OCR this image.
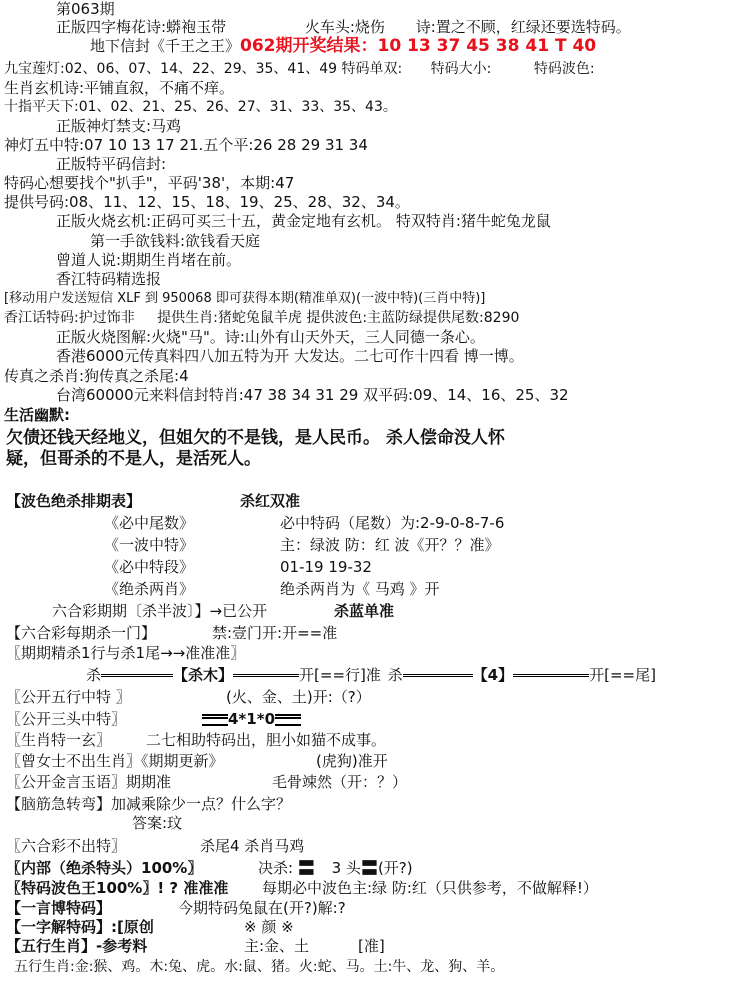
第063期
正版四字梅花诗:蟒袍玉带	火车头:烧伤 诗:置之不顾，红绿还要选特码。
地下信封《千王之王》062期开奖结果：10 13 37 45 38 41 T 40
九宝莲灯:02、06、07、14、22、29、35、41、49 特码单双: 特码大小:	特码波色:
生肖玄机诗:平铺直叙，不痛不痒。
十指平天下:01、02、21、25、26、27、31、33、35、43。
正版神灯禁支:马鸡
神灯五中特:07 10 13 17 21.五个平:26 28 29 31 34
正版特平码信封:
特码心想要找个"扒手"，平码'38'，本期:47
提供号码:08、11、12、15、18、19、25、28、32、34。
正版火烧玄机:正码可买三十五，黄金定地有玄机。 特双特肖:猪牛蛇兔龙鼠
第一手欲钱料:欲钱看天庭
曾道人说:期期生肖堵在前。
香江特码精选报
[移动用户发送短信 XLF 到 950068 即可获得本期(精准单双)(一波中特)(三肖中特)]
香江话特码:护过饰非 提供生肖:猪蛇兔鼠羊虎 提供波色:主蓝防绿提供尾数:8290
正版火烧图解:火烧"马"。诗:山外有山天外天，三人同德一条心。
香港6000元传真料四八加五特为开 大发达。二七可作十四看 博一博。
传真之杀肖:狗传真之杀尾:4
台湾60000元来料信封特肖:47 38 34 31 29 双平码:09、14、16、25、32
生活幽默:
欠债还钱天经地义，但姐欠的不是钱，是人民币。 杀人偿命没人怀
疑，但哥杀的不是人，是活死人。
【波色绝杀排期表】	杀红双准
《必中尾数》	必中特码（尾数）为:2-9-0-8-7-6
《一波中特》	主：绿波 防：红 波《开？？准》
《必中特段》	01-19 19-32
《绝杀两肖》	绝杀两肖为《 马鸡 》开
六合彩期期〔杀半波〕】→已公开	杀蓝单准
【六合彩每期杀一门】	禁:壹门开:开==准
〖期期精杀1行与杀1尾→→准准准〗
杀	【杀木】	开[==行]准 杀	【4】	开[==尾]
〖公开五行中特 〗	(火、金、土)开:（?）
〖公开三头中特〗	4*1*0
〖生肖特一玄〗 二七相助特码出，胆小如猫不成事。
〖曾女士不出生肖〗《期期更新》	(虎狗)准开
〖公开金言玉语〗期期准	毛骨竦然（开：？）
【脑筋急转弯】加减乘除少一点？什么字？
答案:玟
〖六合彩不出特〗	杀尾4 杀肖马鸡
〖内部（绝杀特头）100%〗	决杀: 〓 3 头〓(开?)
〖特码波色王100%〗! ? 准准准 每期必中波色主:绿 防:红（只供参考，不做解释!）
【一言博特码】	今期特码兔鼠在(开?)解:?
【一字解特码】:[原创	※ 颜 ※
【五行生肖】-参考料	主:金、土	[准]
五行生肖:金:猴、鸡。木:兔、虎。水:鼠、猪。火:蛇、马。土:牛、龙、狗、羊。
